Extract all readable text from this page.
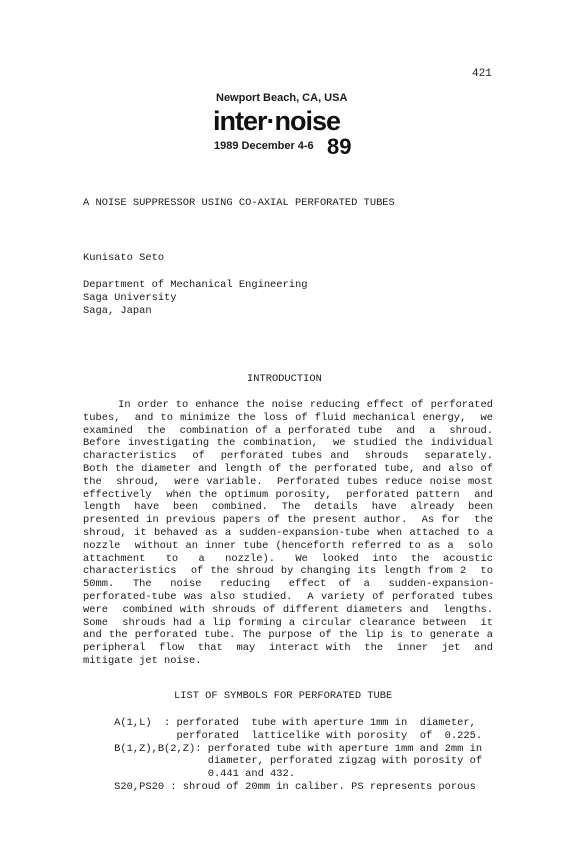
421
Newport Beach, CA, USA
inter·noise
1989 December 4-6 89
A NOISE SUPPRESSOR USING CO-AXIAL PERFORATED TUBES
Kunisato Seto
Department of Mechanical Engineering
Saga University
Saga, Japan
INTRODUCTION
In order to enhance the noise reducing effect of perforated
tubes,  and to minimize the loss of fluid mechanical energy,  we
examined  the  combination of a perforated tube  and  a  shroud.
Before investigating the combination,  we studied the individual
characteristics  of  perforated tubes and  shrouds  separately.
Both the diameter and length of the perforated tube, and also of
the  shroud,  were variable.  Perforated tubes reduce noise most
effectively  when the optimum porosity,  perforated pattern  and
length  have  been  combined.  The  details  have  already  been
presented in previous papers of the present author.  As for  the
shroud, it behaved as a sudden-expansion-tube when attached to a
nozzle  without an inner tube (henceforth referred to as a  solo
attachment   to   a   nozzle).   We  looked  into  the  acoustic
characteristics  of the shroud by changing its length from 2  to
50mm.   The   noise   reducing   effect  of  a   sudden-expansion-
perforated-tube was also studied.  A variety of perforated tubes
were  combined with shrouds of different diameters and  lengths.
Some  shrouds had a lip forming a circular clearance between  it
and the perforated tube. The purpose of the lip is to generate a
peripheral  flow  that  may  interact with  the  inner  jet  and
mitigate jet noise.
LIST OF SYMBOLS FOR PERFORATED TUBE
A(1,L)  : perforated  tube with aperture 1mm in  diameter,
perforated  latticelike with porosity  of  0.225.
B(1,Z),B(2,Z): perforated tube with aperture 1mm and 2mm in
diameter, perforated zigzag with porosity of
0.441 and 432.
S20,PS20 : shroud of 20mm in caliber. PS represents porous
